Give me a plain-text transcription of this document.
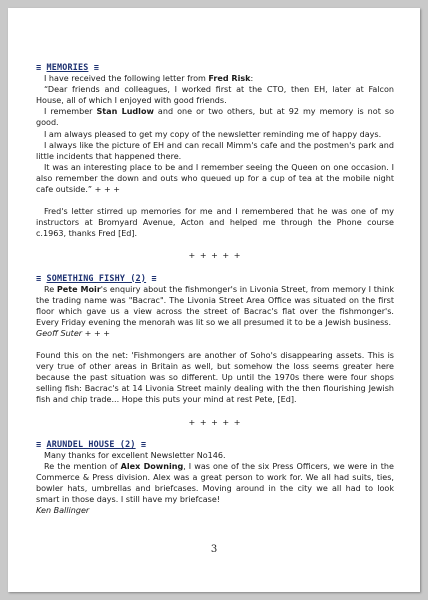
≡ MEMORIES ≡

I have received the following letter from Fred Risk:

“Dear friends and colleagues, I worked first at the CTO, then EH, later at Falcon House, all of which I enjoyed with good friends.

I remember Stan Ludlow and one or two others, but at 92 my memory is not so good.

I am always pleased to get my copy of the newsletter reminding me of happy days.

I always like the picture of EH and can recall Mimm's cafe and the postmen's park and little incidents that happened there.

It was an interesting place to be and I remember seeing the Queen on one occasion. I also remember the down and outs who queued up for a cup of tea at the mobile night cafe outside.” + + +

Fred's letter stirred up memories for me and I remembered that he was one of my instructors at Bromyard Avenue, Acton and helped me through the Phone course c.1963, thanks Fred [Ed].

+ + + + +

≡ SOMETHING FISHY (2) ≡

Re Pete Moir's enquiry about the fishmonger's in Livonia Street, from memory I think the trading name was "Bacrac". The Livonia Street Area Office was situated on the first floor which gave us a view across the street of Bacrac's flat over the fishmonger's. Every Friday evening the menorah was lit so we all presumed it to be a Jewish business.

Geoff Suter + + +

Found this on the net: 'Fishmongers are another of Soho's disappearing assets. This is very true of other areas in Britain as well, but somehow the loss seems greater here because the past situation was so different. Up until the 1970s there were four shops selling fish: Bacrac's at 14 Livonia Street mainly dealing with the then flourishing Jewish fish and chip trade... Hope this puts your mind at rest Pete, [Ed].

+ + + + +

≡ ARUNDEL HOUSE (2) ≡

Many thanks for excellent Newsletter No146.

Re the mention of Alex Downing, I was one of the six Press Officers, we were in the Commerce & Press division. Alex was a great person to work for. We all had suits, ties, bowler hats, umbrellas and briefcases. Moving around in the city we all had to look smart in those days. I still have my briefcase!

Ken Ballinger

3
